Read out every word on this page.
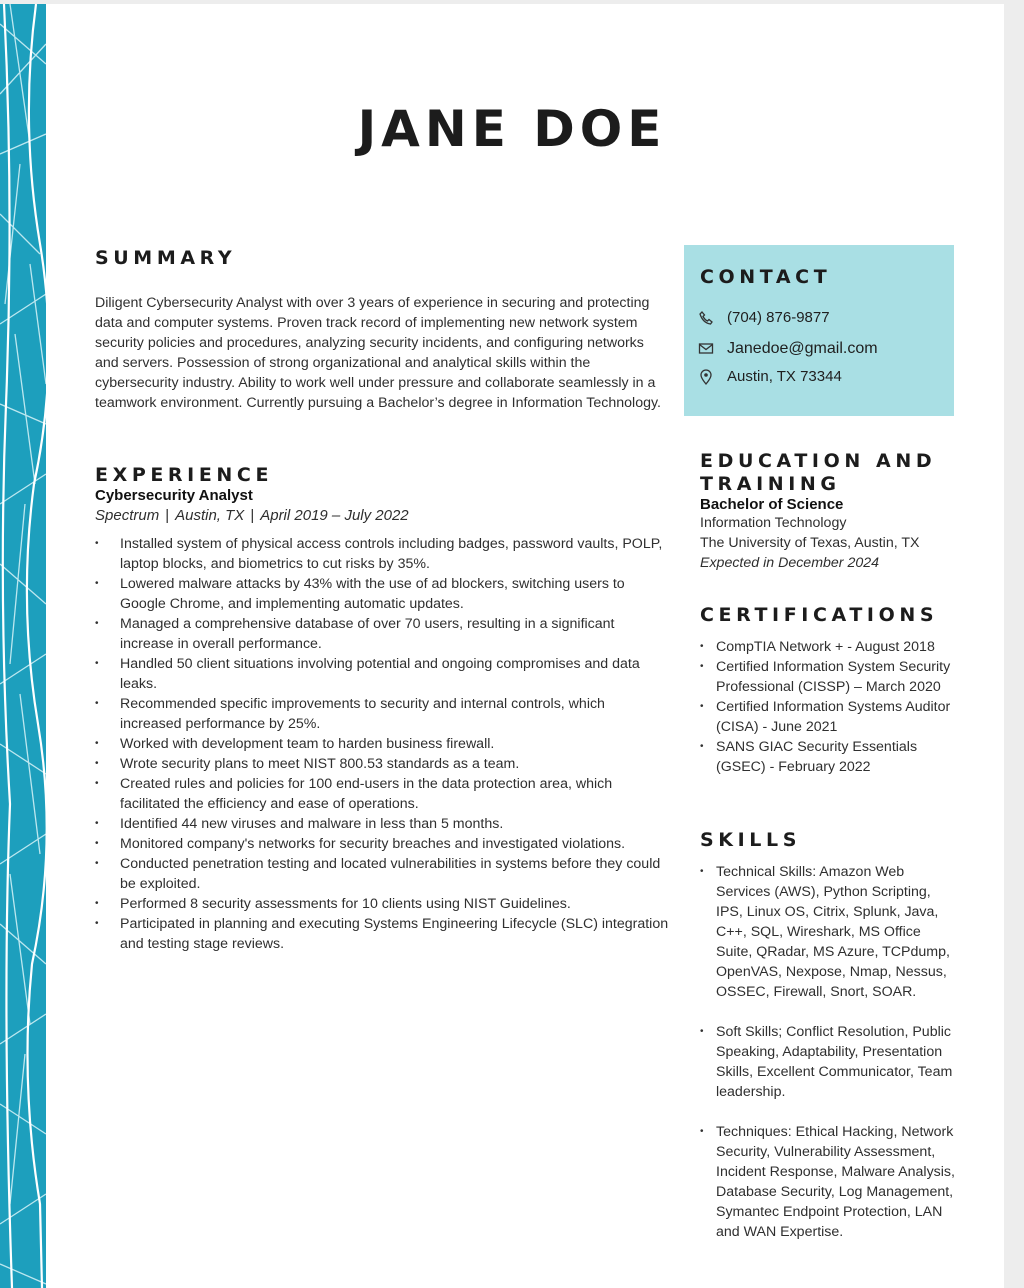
JANE DOE
SUMMARY
Diligent Cybersecurity Analyst with over 3 years of experience in securing and protecting data and computer systems. Proven track record of implementing new network system security policies and procedures, analyzing security incidents, and configuring networks and servers. Possession of strong organizational and analytical skills within the cybersecurity industry. Ability to work well under pressure and collaborate seamlessly in a teamwork environment. Currently pursuing a Bachelor’s degree in Information Technology.
EXPERIENCE
Cybersecurity Analyst
Spectrum | Austin, TX | April 2019 – July 2022
• Installed system of physical access controls including badges, password vaults, POLP, laptop blocks, and biometrics to cut risks by 35%.
• Lowered malware attacks by 43% with the use of ad blockers, switching users to Google Chrome, and implementing automatic updates.
• Managed a comprehensive database of over 70 users, resulting in a significant increase in overall performance.
• Handled 50 client situations involving potential and ongoing compromises and data leaks.
• Recommended specific improvements to security and internal controls, which increased performance by 25%.
• Worked with development team to harden business firewall.
• Wrote security plans to meet NIST 800.53 standards as a team.
• Created rules and policies for 100 end-users in the data protection area, which facilitated the efficiency and ease of operations.
• Identified 44 new viruses and malware in less than 5 months.
• Monitored company's networks for security breaches and investigated violations.
• Conducted penetration testing and located vulnerabilities in systems before they could be exploited.
• Performed 8 security assessments for 10 clients using NIST Guidelines.
• Participated in planning and executing Systems Engineering Lifecycle (SLC) integration and testing stage reviews.
CONTACT
(704) 876-9877
Janedoe@gmail.com
Austin, TX 73344
EDUCATION AND
TRAINING
Bachelor of Science
Information Technology
The University of Texas, Austin, TX
Expected in December 2024
CERTIFICATIONS
• CompTIA Network + - August 2018
• Certified Information System Security Professional (CISSP) – March 2020
• Certified Information Systems Auditor (CISA) - June 2021
• SANS GIAC Security Essentials (GSEC) - February 2022
SKILLS
• Technical Skills: Amazon Web Services (AWS), Python Scripting, IPS, Linux OS, Citrix, Splunk, Java, C++, SQL, Wireshark, MS Office Suite, QRadar, MS Azure, TCPdump, OpenVAS, Nexpose, Nmap, Nessus, OSSEC, Firewall, Snort, SOAR.
• Soft Skills; Conflict Resolution, Public Speaking, Adaptability, Presentation Skills, Excellent Communicator, Team leadership.
• Techniques: Ethical Hacking, Network Security, Vulnerability Assessment, Incident Response, Malware Analysis, Database Security, Log Management, Symantec Endpoint Protection, LAN and WAN Expertise.
